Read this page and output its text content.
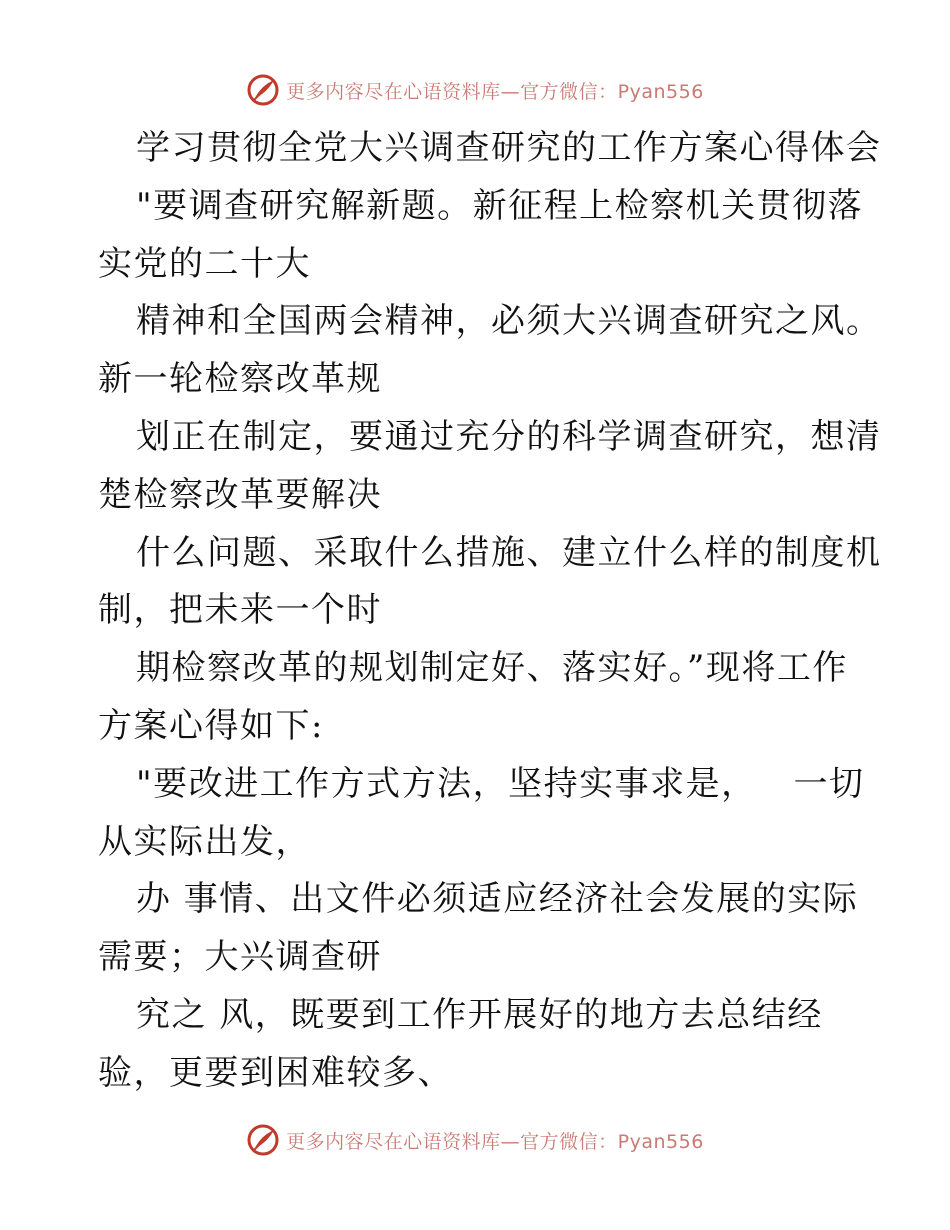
更多内容尽在心语资料库—官方微信：Pyan556
学习贯彻全党大兴调查研究的工作方案心得体会
"要调查研究解新题。新征程上检察机关贯彻落
实党的二十大
精神和全国两会精神，必须大兴调查研究之风。
新一轮检察改革规
划正在制定，要通过充分的科学调查研究，想清
楚检察改革要解决
什么问题、采取什么措施、建立什么样的制度机
制，把未来一个时
期检察改革的规划制定好、落实好。”现将工作
方案心得如下:
"要改进工作方式方法，坚持实事求是，   一切
从实际出发，
办 事情、出文件必须适应经济社会发展的实际
需要；大兴调查研
究之 风，既要到工作开展好的地方去总结经
验，更要到困难较多、
更多内容尽在心语资料库—官方微信：Pyan556
